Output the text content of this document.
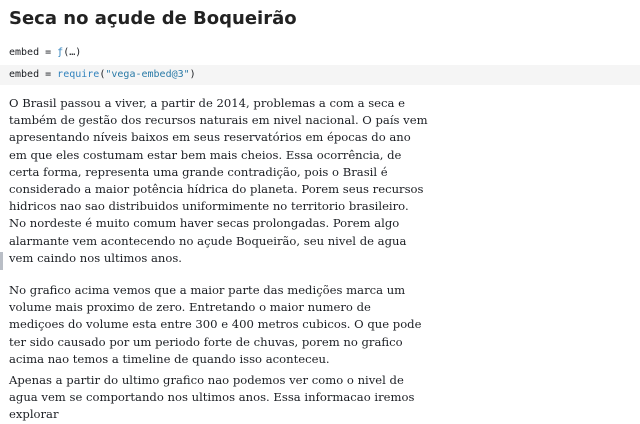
Seca no açude de Boqueirão
embed = ƒ(…)
embed = require("vega-embed@3")

O Brasil passou a viver, a partir de 2014, problemas a com a seca e também de gestão dos recursos naturais em nivel nacional. O país vem apresentando níveis baixos em seus reservatórios em épocas do ano em que eles costumam estar bem mais cheios. Essa ocorrência, de certa forma, representa uma grande contradição, pois o Brasil é considerado a maior potência hídrica do planeta. Porem seus recursos hidricos nao sao distribuidos uniformimente no territorio brasileiro. No nordeste é muito comum haver secas prolongadas. Porem algo alarmante vem acontecendo no açude Boqueirão, seu nivel de agua vem caindo nos ultimos anos.

No grafico acima vemos que a maior parte das medições marca um volume mais proximo de zero. Entretando o maior numero de mediçoes do volume esta entre 300 e 400 metros cubicos. O que pode ter sido causado por um periodo forte de chuvas, porem no grafico acima nao temos a timeline de quando isso aconteceu.

Apenas a partir do ultimo grafico nao podemos ver como o nivel de agua vem se comportando nos ultimos anos. Essa informacao iremos explorar
